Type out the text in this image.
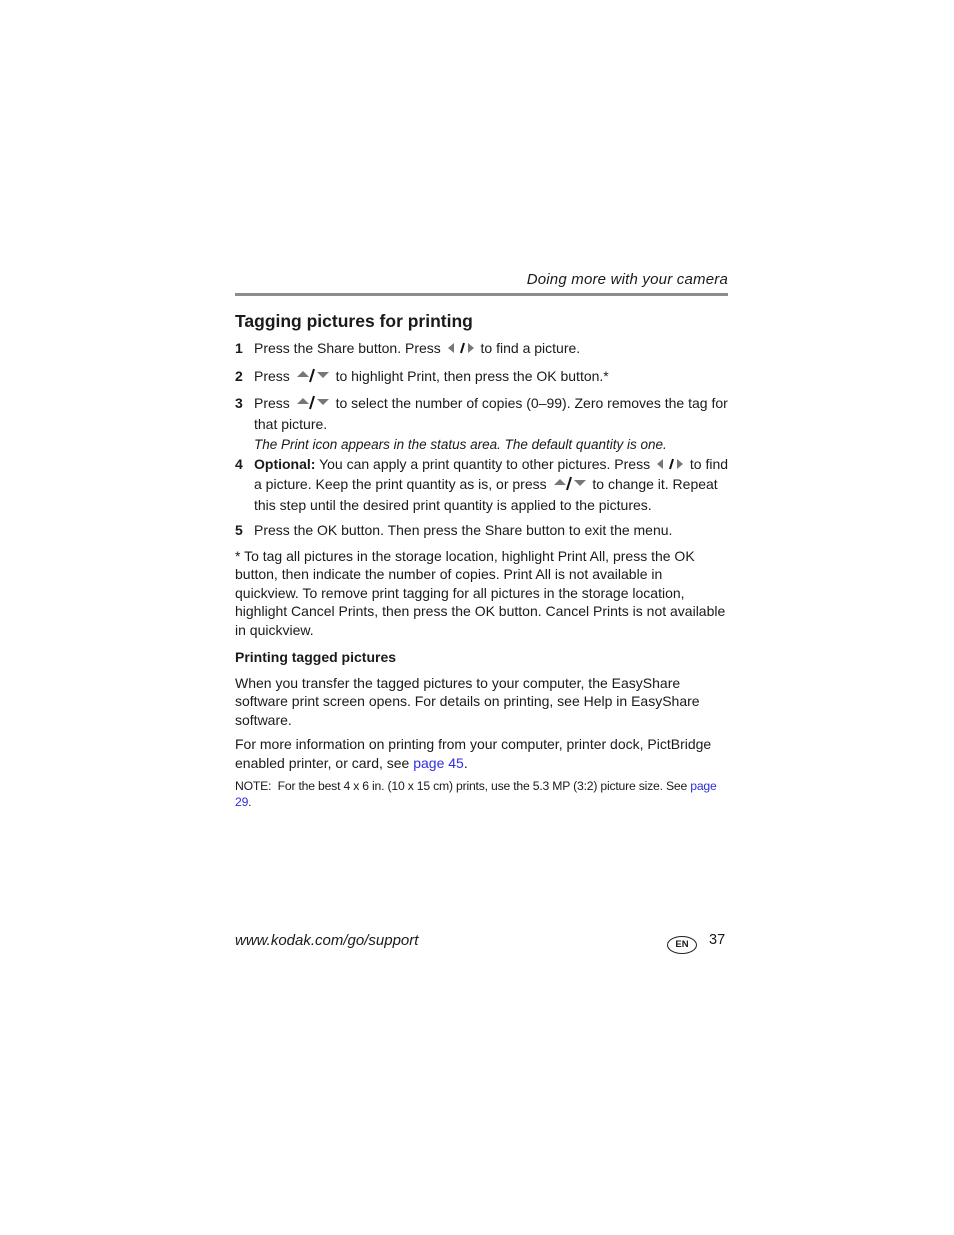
Doing more with your camera
Tagging pictures for printing
1 Press the Share button. Press	to find a picture.
2 Press	to highlight Print, then press the OK button.*
3 Press	to select the number of copies (0–99). Zero removes the tag for that picture.

The Print icon appears in the status area. The default quantity is one.

4 Optional: You can apply a print quantity to other pictures. Press	to find a picture. Keep the print quantity as is, or press	to change it. Repeat this step until the desired print quantity is applied to the pictures.
5 Press the OK button. Then press the Share button to exit the menu.

* To tag all pictures in the storage location, highlight Print All, press the OK button, then indicate the number of copies. Print All is not available in quickview. To remove print tagging for all pictures in the storage location, highlight Cancel Prints, then press the OK button. Cancel Prints is not available in quickview.

Printing tagged pictures

When you transfer the tagged pictures to your computer, the EasyShare software print screen opens. For details on printing, see Help in EasyShare software.

For more information on printing from your computer, printer dock, PictBridge enabled printer, or card, see page 45.

NOTE: For the best 4 x 6 in. (10 x 15 cm) prints, use the 5.3 MP (3:2) picture size. See page 29.

www.kodak.com/go/support	EN	37
